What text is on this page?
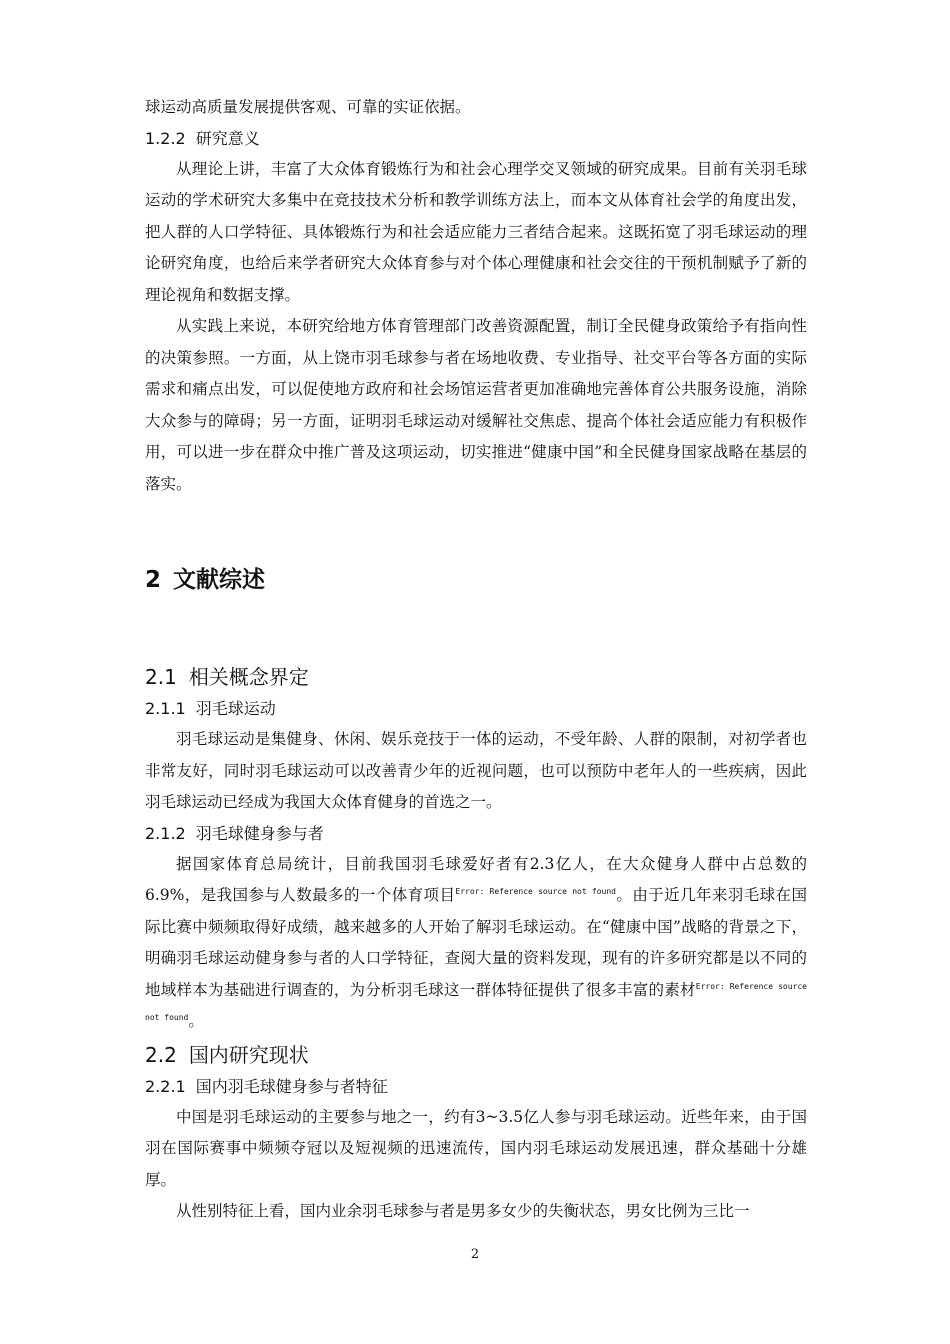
球运动高质量发展提供客观、可靠的实证依据。

1.2.2 研究意义

从理论上讲，丰富了大众体育锻炼行为和社会心理学交叉领域的研究成果。目前有关羽毛球运动的学术研究大多集中在竞技技术分析和教学训练方法上，而本文从体育社会学的角度出发，把人群的人口学特征、具体锻炼行为和社会适应能力三者结合起来。这既拓宽了羽毛球运动的理论研究角度，也给后来学者研究大众体育参与对个体心理健康和社会交往的干预机制赋予了新的理论视角和数据支撑。

从实践上来说，本研究给地方体育管理部门改善资源配置，制订全民健身政策给予有指向性的决策参照。一方面，从上饶市羽毛球参与者在场地收费、专业指导、社交平台等各方面的实际需求和痛点出发，可以促使地方政府和社会场馆运营者更加准确地完善体育公共服务设施，消除大众参与的障碍；另一方面，证明羽毛球运动对缓解社交焦虑、提高个体社会适应能力有积极作用，可以进一步在群众中推广普及这项运动，切实推进“健康中国”和全民健身国家战略在基层的落实。

2 文献综述
2.1 相关概念界定
2.1.1 羽毛球运动

羽毛球运动是集健身、休闲、娱乐竞技于一体的运动，不受年龄、人群的限制，对初学者也非常友好，同时羽毛球运动可以改善青少年的近视问题，也可以预防中老年人的一些疾病，因此羽毛球运动已经成为我国大众体育健身的首选之一。

2.1.2 羽毛球健身参与者

据国家体育总局统计，目前我国羽毛球爱好者有2.3亿人，在大众健身人群中占总数的6.9%，是我国参与人数最多的一个体育项目$^{Error: Reference source not found}$。由于近几年来羽毛球在国际比赛中频频取得好成绩，越来越多的人开始了解羽毛球运动。在“健康中国”战略的背景之下，明确羽毛球运动健身参与者的人口学特征，查阅大量的资料发现，现有的许多研究都是以不同的地域样本为基础进行调查的，为分析羽毛球这一群体特征提供了很多丰富的素材$^{Error: Reference source not found}$。

2.2 国内研究现状
2.2.1 国内羽毛球健身参与者特征

中国是羽毛球运动的主要参与地之一，约有3~3.5亿人参与羽毛球运动。近些年来，由于国羽在国际赛事中频频夺冠以及短视频的迅速流传，国内羽毛球运动发展迅速，群众基础十分雄厚。

从性别特征上看，国内业余羽毛球参与者是男多女少的失衡状态，男女比例为三比一

2
